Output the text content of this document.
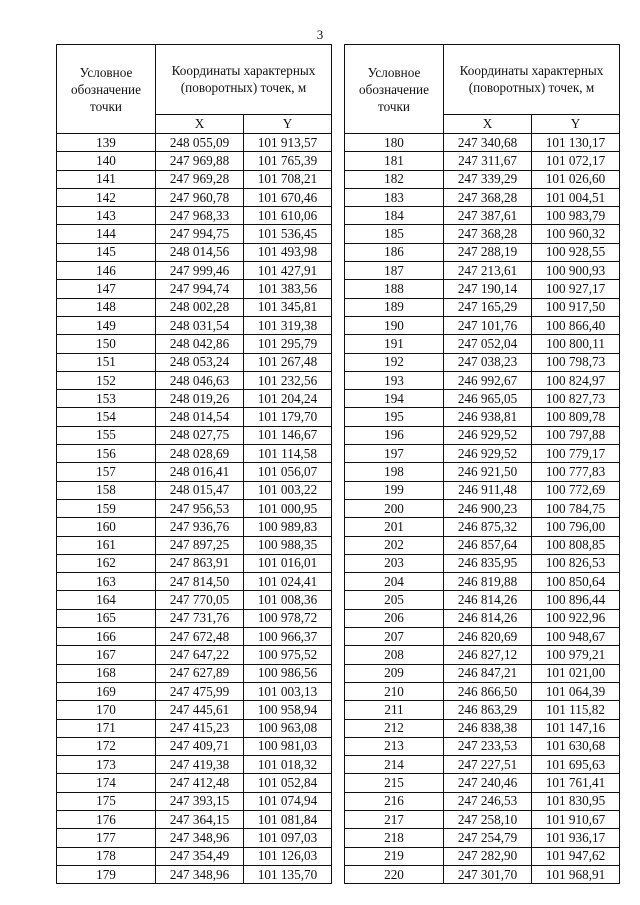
3
Условное обозначение точки	Координаты характерных (поворотных) точек, м	
	X	Y
139	248 055,09	101 913,57
140	247 969,88	101 765,39
141	247 969,28	101 708,21
142	247 960,78	101 670,46
143	247 968,33	101 610,06
144	247 994,75	101 536,45
145	248 014,56	101 493,98
146	247 999,46	101 427,91
147	247 994,74	101 383,56
148	248 002,28	101 345,81
149	248 031,54	101 319,38
150	248 042,86	101 295,79
151	248 053,24	101 267,48
152	248 046,63	101 232,56
153	248 019,26	101 204,24
154	248 014,54	101 179,70
155	248 027,75	101 146,67
156	248 028,69	101 114,58
157	248 016,41	101 056,07
158	248 015,47	101 003,22
159	247 956,53	101 000,95
160	247 936,76	100 989,83
161	247 897,25	100 988,35
162	247 863,91	101 016,01
163	247 814,50	101 024,41
164	247 770,05	101 008,36
165	247 731,76	100 978,72
166	247 672,48	100 966,37
167	247 647,22	100 975,52
168	247 627,89	100 986,56
169	247 475,99	101 003,13
170	247 445,61	100 958,94
171	247 415,23	100 963,08
172	247 409,71	100 981,03
173	247 419,38	101 018,32
174	247 412,48	101 052,84
175	247 393,15	101 074,94
176	247 364,15	101 081,84
177	247 348,96	101 097,03
178	247 354,49	101 126,03
179	247 348,96	101 135,70
Условное обозначение точки	Координаты характерных (поворотных) точек, м	
	X	Y
180	247 340,68	101 130,17
181	247 311,67	101 072,17
182	247 339,29	101 026,60
183	247 368,28	101 004,51
184	247 387,61	100 983,79
185	247 368,28	100 960,32
186	247 288,19	100 928,55
187	247 213,61	100 900,93
188	247 190,14	100 927,17
189	247 165,29	100 917,50
190	247 101,76	100 866,40
191	247 052,04	100 800,11
192	247 038,23	100 798,73
193	246 992,67	100 824,97
194	246 965,05	100 827,73
195	246 938,81	100 809,78
196	246 929,52	100 797,88
197	246 929,52	100 779,17
198	246 921,50	100 777,83
199	246 911,48	100 772,69
200	246 900,23	100 784,75
201	246 875,32	100 796,00
202	246 857,64	100 808,85
203	246 835,95	100 826,53
204	246 819,88	100 850,64
205	246 814,26	100 896,44
206	246 814,26	100 922,96
207	246 820,69	100 948,67
208	246 827,12	100 979,21
209	246 847,21	101 021,00
210	246 866,50	101 064,39
211	246 863,29	101 115,82
212	246 838,38	101 147,16
213	247 233,53	101 630,68
214	247 227,51	101 695,63
215	247 240,46	101 761,41
216	247 246,53	101 830,95
217	247 258,10	101 910,67
218	247 254,79	101 936,17
219	247 282,90	101 947,62
220	247 301,70	101 968,91
